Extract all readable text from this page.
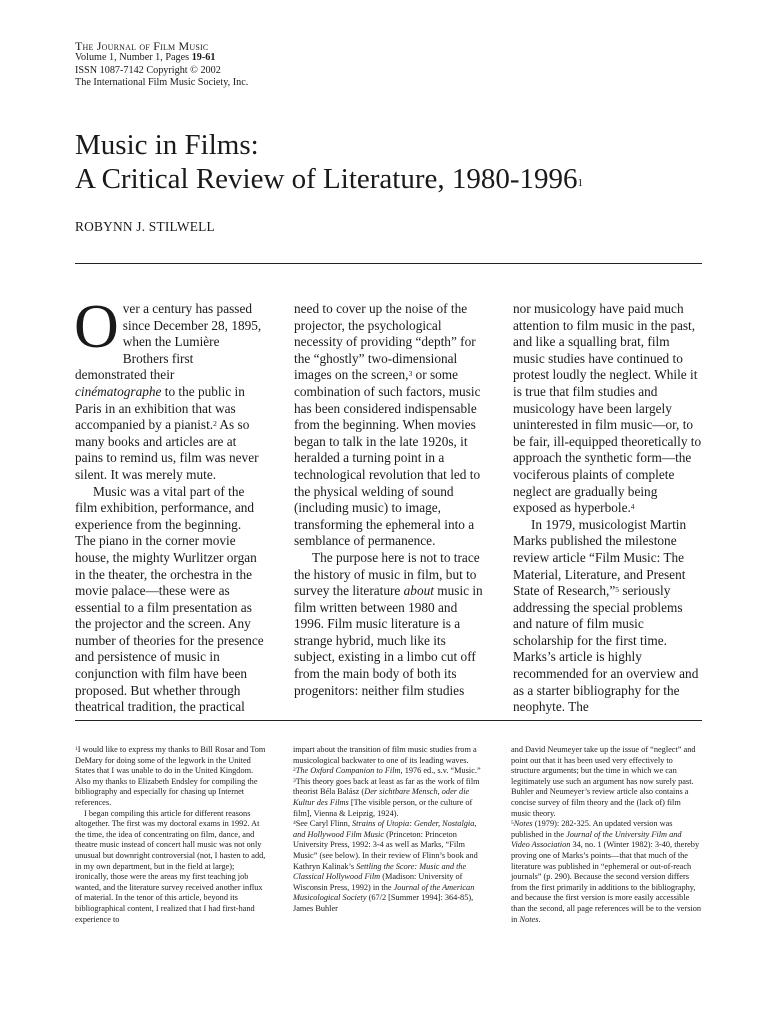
The Journal of Film Music
Volume 1, Number 1, Pages 19-61
ISSN 1087-7142 Copyright © 2002
The International Film Music Society, Inc.
Music in Films:
A Critical Review of Literature, 1980-1996$^1$
ROBYNN J. STILWELL

Over a century has passed since December 28, 1895, when the Lumière Brothers first demonstrated their cinématographe to the public in Paris in an exhibition that was accompanied by a pianist.$^2$ As so many books and articles are at pains to remind us, film was never silent. It was merely mute.

Music was a vital part of the film exhibition, performance, and experience from the beginning. The piano in the corner movie house, the mighty Wurlitzer organ in the theater, the orchestra in the movie palace—these were as essential to a film presentation as the projector and the screen. Any number of theories for the presence and persistence of music in conjunction with film have been proposed. But whether through theatrical tradition, the practical

need to cover up the noise of the projector, the psychological necessity of providing “depth” for the “ghostly” two-dimensional images on the screen,$^3$ or some combination of such factors, music has been considered indispensable from the beginning. When movies began to talk in the late 1920s, it heralded a turning point in a technological revolution that led to the physical welding of sound (including music) to image, transforming the ephemeral into a semblance of permanence.

The purpose here is not to trace the history of music in film, but to survey the literature about music in film written between 1980 and 1996. Film music literature is a strange hybrid, much like its subject, existing in a limbo cut off from the main body of both its progenitors: neither film studies

nor musicology have paid much attention to film music in the past, and like a squalling brat, film music studies have continued to protest loudly the neglect. While it is true that film studies and musicology have been largely uninterested in film music—or, to be fair, ill-equipped theoretically to approach the synthetic form—the vociferous plaints of complete neglect are gradually being exposed as hyperbole.$^4$

In 1979, musicologist Martin Marks published the milestone review article “Film Music: The Material, Literature, and Present State of Research,”$^5$ seriously addressing the special problems and nature of film music scholarship for the first time. Marks’s article is highly recommended for an overview and as a starter bibliography for the neophyte. The

$^1$I would like to express my thanks to Bill Rosar and Tom DeMary for doing some of the legwork in the United States that I was unable to do in the United Kingdom. Also my thanks to Elizabeth Endsley for compiling the bibliography and especially for chasing up Internet references.

I began compiling this article for different reasons altogether. The first was my doctoral exams in 1992. At the time, the idea of concentrating on film, dance, and theatre music instead of concert hall music was not only unusual but downright controversial (not, I hasten to add, in my own department, but in the field at large); ironically, those were the areas my first teaching job wanted, and the literature survey received another influx of material. In the tenor of this article, beyond its bibliographical content, I realized that I had first-hand experience to

impart about the transition of film music studies from a musicological backwater to one of its leading waves.

$^2$The Oxford Companion to Film, 1976 ed., s.v. “Music.”

$^3$This theory goes back at least as far as the work of film theorist Béla Balász (Der sichtbare Mensch, oder die Kultur des Films [The visible person, or the culture of film], Vienna & Leipzig, 1924).

$^4$See Caryl Flinn, Strains of Utopia: Gender, Nostalgia, and Hollywood Film Music (Princeton: Princeton University Press, 1992: 3-4 as well as Marks, “Film Music” (see below). In their review of Flinn’s book and Kathryn Kalinak’s Settling the Score: Music and the Classical Hollywood Film (Madison: University of Wisconsin Press, 1992) in the Journal of the American Musicological Society (67/2 [Summer 1994]: 364-85), James Buhler

and David Neumeyer take up the issue of “neglect” and point out that it has been used very effectively to structure arguments; but the time in which we can legitimately use such an argument has now surely past. Buhler and Neumeyer’s review article also contains a concise survey of film theory and the (lack of) film music theory.

$^5$Notes (1979): 282-325. An updated version was published in the Journal of the University Film and Video Association 34, no. 1 (Winter 1982): 3-40, thereby proving one of Marks’s points—that that much of the literature was published in “ephemeral or out-of-reach journals” (p. 290). Because the second version differs from the first primarily in additions to the bibliography, and because the first version is more easily accessible than the second, all page references will be to the version in Notes.
